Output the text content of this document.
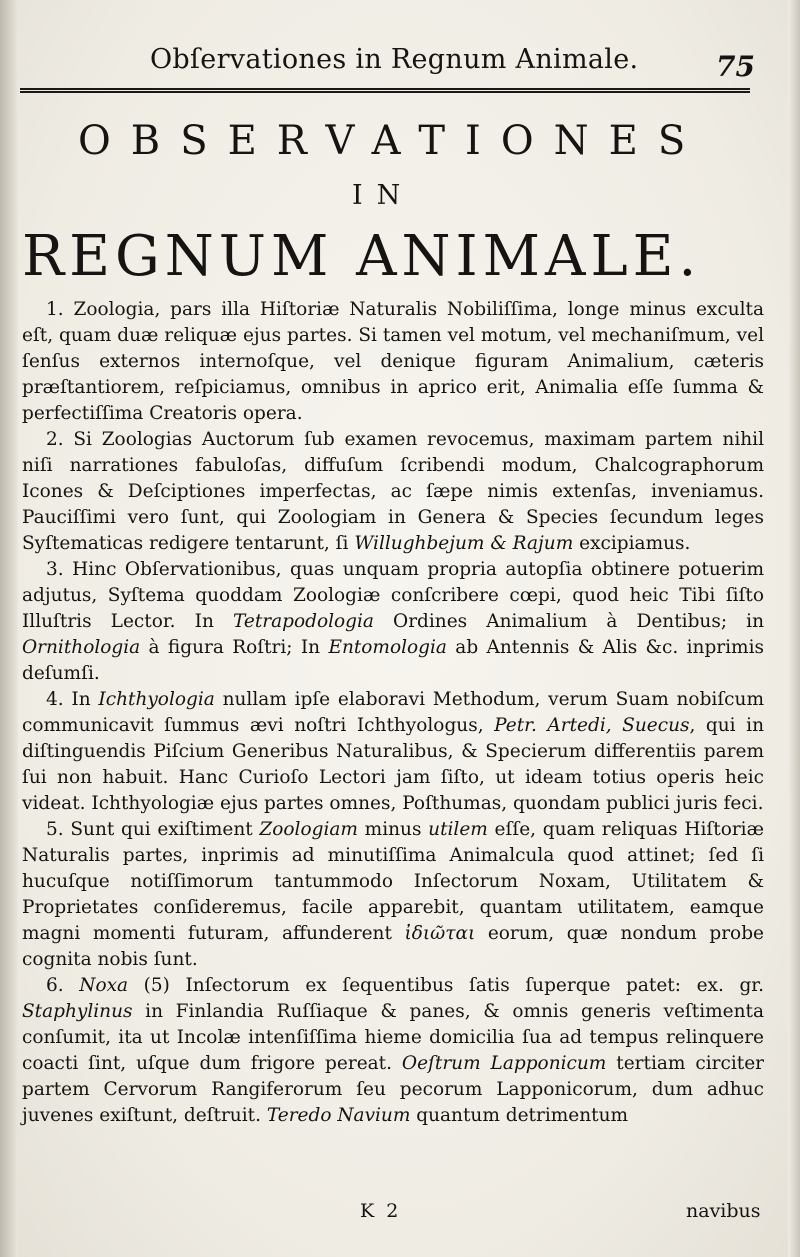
Obſervationes in Regnum Animale.	75
OBSERVATIONES
IN
REGNUM ANIMALE.

1. Zoologia, pars illa Hiſtoriæ Naturalis Nobiliſſima, longe minus exculta eſt, quam duæ reliquæ ejus partes. Si tamen vel motum, vel mechaniſmum, vel ſenſus externos internoſque, vel denique figuram Animalium, cæteris præſtantiorem, reſpiciamus, omnibus in aprico erit, Animalia eſſe ſumma & perfectiſſima Creatoris opera.

2. Si Zoologias Auctorum ſub examen revocemus, maximam partem nihil niſi narrationes fabuloſas, diffuſum ſcribendi modum, Chalcographorum Icones & Deſciptiones imperfectas, ac ſæpe nimis extenſas, inveniamus. Pauciſſimi vero ſunt, qui Zoologiam in Genera & Species ſecundum leges Syſtematicas redigere tentarunt, ſi Willughbejum & Rajum excipiamus.

3. Hinc Obſervationibus, quas unquam propria autopſia obtinere potuerim adjutus, Syſtema quoddam Zoologiæ conſcribere cœpi, quod heic Tibi ſiſto Illuſtris Lector. In Tetrapodologia Ordines Animalium à Dentibus; in Ornithologia à figura Roſtri; In Entomologia ab Antennis & Alis &c. inprimis deſumſi.

4. In Ichthyologia nullam ipſe elaboravi Methodum, verum Suam nobiſcum communicavit ſummus ævi noſtri Ichthyologus, Petr. Artedi, Suecus, qui in diſtinguendis Piſcium Generibus Naturalibus, & Specierum differentiis parem ſui non habuit. Hanc Curioſo Lectori jam ſiſto, ut ideam totius operis heic videat. Ichthyologiæ ejus partes omnes, Poſthumas, quondam publici juris feci.

5. Sunt qui exiſtiment Zoologiam minus utilem eſſe, quam reliquas Hiſtoriæ Naturalis partes, inprimis ad minutiſſima Animalcula quod attinet; ſed ſi hucuſque notiſſimorum tantummodo Inſectorum Noxam, Utilitatem & Proprietates conſideremus, facile apparebit, quantam utilitatem, eamque magni momenti futuram, affunderent ἰδιῶται eorum, quæ nondum probe cognita nobis ſunt.

6. Noxa (5) Inſectorum ex ſequentibus ſatis ſuperque patet: ex. gr. Staphylinus in Finlandia Ruſſiaque & panes, & omnis generis veſtimenta conſumit, ita ut Incolæ intenſiſſima hieme domicilia ſua ad tempus relinquere coacti ſint, uſque dum frigore pereat. Oeſtrum Lapponicum tertiam circiter partem Cervorum Rangiferorum ſeu pecorum Lapponicorum, dum adhuc juvenes exiſtunt, deſtruit. Teredo Navium quantum detrimentum

K 2	navibus
